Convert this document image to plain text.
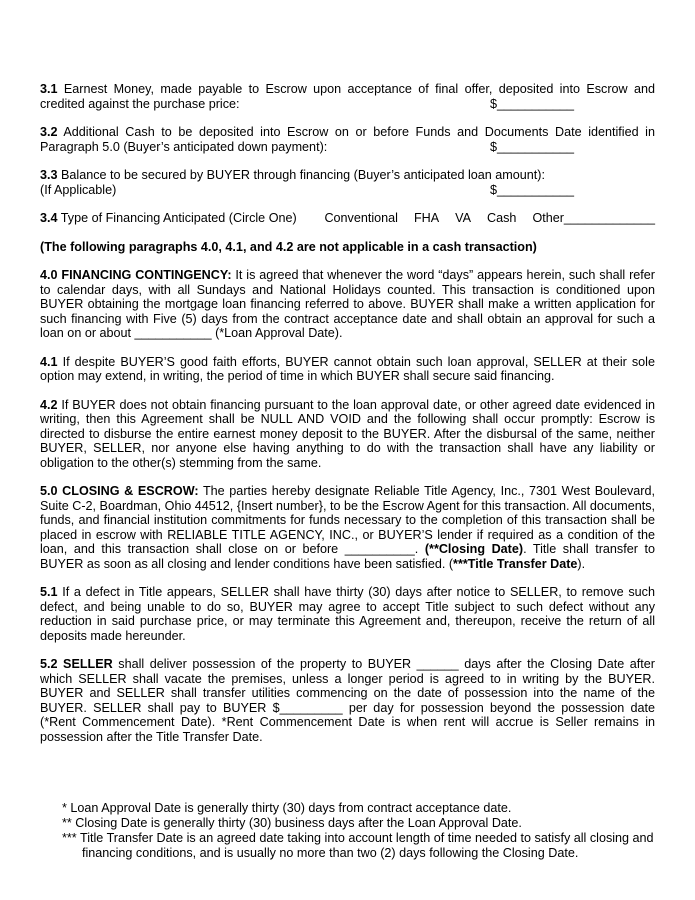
3.1 Earnest Money, made payable to Escrow upon acceptance of final offer, deposited into Escrow and
credited against the purchase price:	$___________
3.2 Additional Cash to be deposited into Escrow on or before Funds and Documents Date identified in
Paragraph 5.0 (Buyer’s anticipated down payment):	$___________
3.3 Balance to be secured by BUYER through financing (Buyer’s anticipated loan amount):
(If Applicable)	$___________
3.4 Type of Financing Anticipated (Circle One)	Conventional FHA VA Cash Other_____________
(The following paragraphs 4.0, 4.1, and 4.2 are not applicable in a cash transaction)
4.0 FINANCING CONTINGENCY: It is agreed that whenever the word “days” appears herein, such shall refer to calendar days, with all Sundays and National Holidays counted. This transaction is conditioned upon BUYER obtaining the mortgage loan financing referred to above. BUYER shall make a written application for such financing with Five (5) days from the contract acceptance date and shall obtain an approval for such a loan on or about ___________ (*Loan Approval Date).
4.1 If despite BUYER’S good faith efforts, BUYER cannot obtain such loan approval, SELLER at their sole option may extend, in writing, the period of time in which BUYER shall secure said financing.
4.2 If BUYER does not obtain financing pursuant to the loan approval date, or other agreed date evidenced in writing, then this Agreement shall be NULL AND VOID and the following shall occur promptly: Escrow is directed to disburse the entire earnest money deposit to the BUYER. After the disbursal of the same, neither BUYER, SELLER, nor anyone else having anything to do with the transaction shall have any liability or obligation to the other(s) stemming from the same.
5.0 CLOSING & ESCROW: The parties hereby designate Reliable Title Agency, Inc., 7301 West Boulevard, Suite C-2, Boardman, Ohio 44512, {Insert number}, to be the Escrow Agent for this transaction. All documents, funds, and financial institution commitments for funds necessary to the completion of this transaction shall be placed in escrow with RELIABLE TITLE AGENCY, INC., or BUYER’S lender if required as a condition of the loan, and this transaction shall close on or before __________. (**Closing Date). Title shall transfer to BUYER as soon as all closing and lender conditions have been satisfied. (***Title Transfer Date).
5.1 If a defect in Title appears, SELLER shall have thirty (30) days after notice to SELLER, to remove such defect, and being unable to do so, BUYER may agree to accept Title subject to such defect without any reduction in said purchase price, or may terminate this Agreement and, thereupon, receive the return of all deposits made hereunder.
5.2 SELLER shall deliver possession of the property to BUYER ______ days after the Closing Date after which SELLER shall vacate the premises, unless a longer period is agreed to in writing by the BUYER. BUYER and SELLER shall transfer utilities commencing on the date of possession into the name of the BUYER. SELLER shall pay to BUYER $_________ per day for possession beyond the possession date (*Rent Commencement Date). *Rent Commencement Date is when rent will accrue is Seller remains in possession after the Title Transfer Date.

* Loan Approval Date is generally thirty (30) days from contract acceptance date.

** Closing Date is generally thirty (30) business days after the Loan Approval Date.

*** Title Transfer Date is an agreed date taking into account length of time needed to satisfy all closing and financing conditions, and is usually no more than two (2) days following the Closing Date.
